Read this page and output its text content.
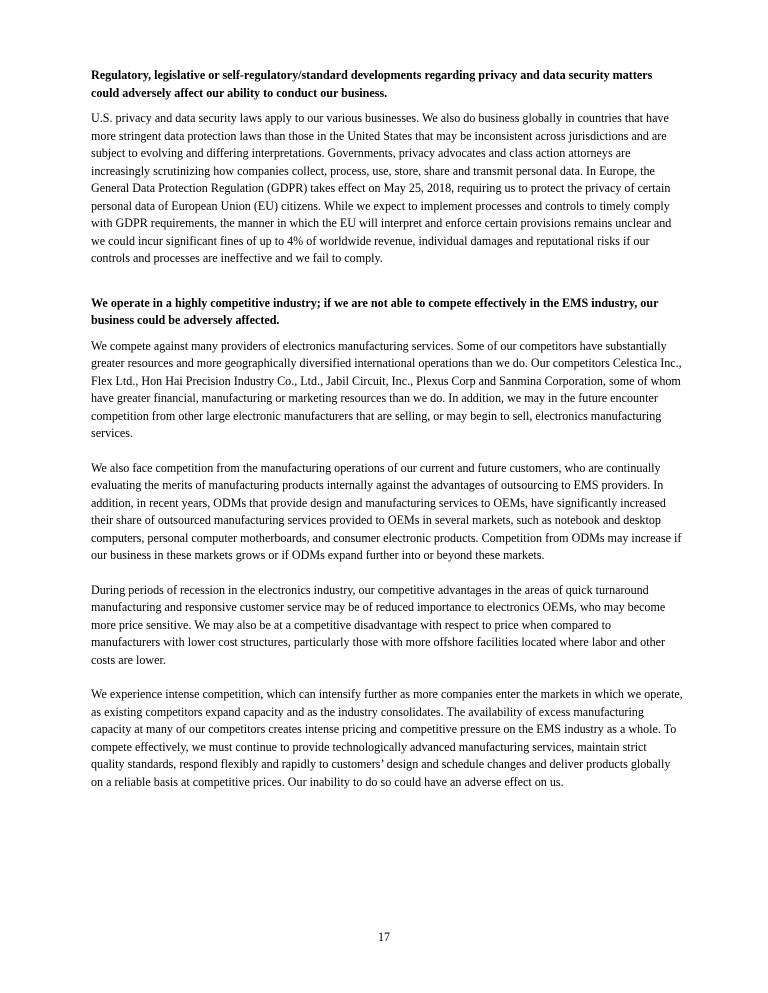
Regulatory, legislative or self-regulatory/standard developments regarding privacy and data security matters could adversely affect our ability to conduct our business.

U.S. privacy and data security laws apply to our various businesses. We also do business globally in countries that have more stringent data protection laws than those in the United States that may be inconsistent across jurisdictions and are subject to evolving and differing interpretations. Governments, privacy advocates and class action attorneys are increasingly scrutinizing how companies collect, process, use, store, share and transmit personal data. In Europe, the General Data Protection Regulation (GDPR) takes effect on May 25, 2018, requiring us to protect the privacy of certain personal data of European Union (EU) citizens. While we expect to implement processes and controls to timely comply with GDPR requirements, the manner in which the EU will interpret and enforce certain provisions remains unclear and we could incur significant fines of up to 4% of worldwide revenue, individual damages and reputational risks if our controls and processes are ineffective and we fail to comply.

We operate in a highly competitive industry; if we are not able to compete effectively in the EMS industry, our business could be adversely affected.

We compete against many providers of electronics manufacturing services. Some of our competitors have substantially greater resources and more geographically diversified international operations than we do. Our competitors Celestica Inc., Flex Ltd., Hon Hai Precision Industry Co., Ltd., Jabil Circuit, Inc., Plexus Corp and Sanmina Corporation, some of whom have greater financial, manufacturing or marketing resources than we do. In addition, we may in the future encounter competition from other large electronic manufacturers that are selling, or may begin to sell, electronics manufacturing services.

We also face competition from the manufacturing operations of our current and future customers, who are continually evaluating the merits of manufacturing products internally against the advantages of outsourcing to EMS providers. In addition, in recent years, ODMs that provide design and manufacturing services to OEMs, have significantly increased their share of outsourced manufacturing services provided to OEMs in several markets, such as notebook and desktop computers, personal computer motherboards, and consumer electronic products. Competition from ODMs may increase if our business in these markets grows or if ODMs expand further into or beyond these markets.

During periods of recession in the electronics industry, our competitive advantages in the areas of quick turnaround manufacturing and responsive customer service may be of reduced importance to electronics OEMs, who may become more price sensitive. We may also be at a competitive disadvantage with respect to price when compared to manufacturers with lower cost structures, particularly those with more offshore facilities located where labor and other costs are lower.

We experience intense competition, which can intensify further as more companies enter the markets in which we operate, as existing competitors expand capacity and as the industry consolidates. The availability of excess manufacturing capacity at many of our competitors creates intense pricing and competitive pressure on the EMS industry as a whole. To compete effectively, we must continue to provide technologically advanced manufacturing services, maintain strict quality standards, respond flexibly and rapidly to customers’ design and schedule changes and deliver products globally on a reliable basis at competitive prices. Our inability to do so could have an adverse effect on us.

17
